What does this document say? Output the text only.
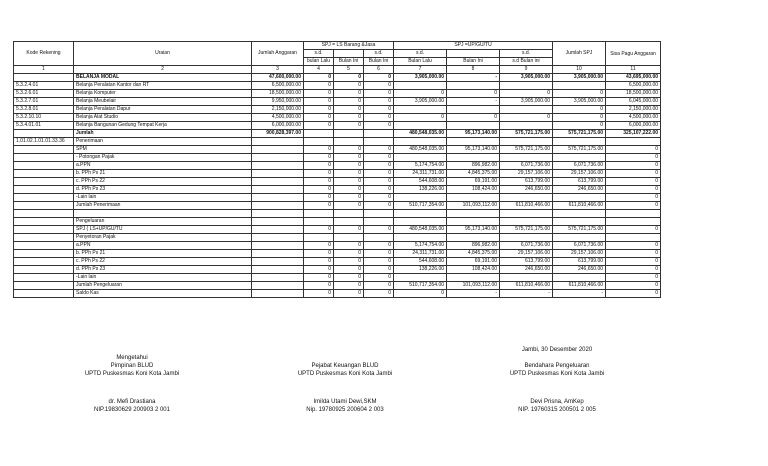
Kode Rekening	Uraian	Jumlah Anggaran	SPJ = LS Barang &Jasa			SPJ =UP/GU/TU			Jumlah SPJ	Sisa Pagu Anggaran
			s.d.		s.d.	s.d.		s.d.		
			bulan Lalu	Bulan Ini	Bulan Ini	Bulan Lalu	Bulan Ini	s.d Bulan ini		
1	2	3	4	5	6	7	8	9	10	11
	BELANJA MODAL	47,600,000.00	0	0	0	3,905,000.00	-	3,905,000.00	3,905,000.00	43,695,000.00
5.3.2.4.01	Belanja Peralatan Kantor dan RT	6,500,000.00	0	0	0					6,500,000.00
5.3.2.6.01	Belanja Komputer	18,500,000.00	0	0	0	0	0	0	0	18,500,000.00
5.3.2.7.01	Belanja Meubelair	9,950,000.00	0	0	0	3,905,000.00	-	3,905,000.00	3,905,000.00	6,045,000.00
5.3.2.8.01	Belanja Peralatan Dapur	2,150,000.00	0	0	0				0	2,150,000.00
5.3.2.10.10	Belanja Alat Studio	4,500,000.00	0	0	0	0	0	0	0	4,500,000.00
5.3.4.01.01	Belanja Bangunan Gedung Tempat Kerja	6,000,000.00	0	0	0				0	6,000,000.00
	Jumlah	900,828,397.00				480,548,035.00	95,173,140.00	575,721,175.00	575,721,175.00	325,107,222.00
1.01.02.1.01.01.33.36	Penerimaan									
	SPM		0	0	0	480,548,035.00	95,173,140.00	575,721,175.00	575,721,175.00	0
	- Potongan Pajak		0	0	0					0
	a.PPN		0	0	0	5,174,754.00	896,982.00	6,071,736.00	6,071,736.00	0
	b. PPh Ps 21		0	0	0	24,311,731.00	4,845,375.00	29,157,106.00	29,157,106.00	0
	c. PPh Ps 22		0	0	0	544,608.00	69,191.00	613,799.00	613,799.00	0
	d. PPh Ps 23		0	0	0	138,226.00	108,424.00	246,650.00	246,650.00	0
	-Lain lain		0	0	0					0
	Jumlah Penerimaan		0	0	0	510,717,354.00	101,093,112.00	611,810,466.00	611,810,466.00	0

	Pengeluaran									
	SPJ ( LS+UP/GU/TU		0	0	0	480,548,035.00	95,173,140.00	575,721,175.00	575,721,175.00	0
	Penyetoran Pajak									
	a.PPN		0	0	0	5,174,754.00	896,982.00	6,071,736.00	6,071,736.00	0
	b. PPh Ps 21		0	0	0	24,311,731.00	4,845,375.00	29,157,106.00	29,157,106.00	0
	c. PPh Ps 22		0	0	0	544,608.00	69,191.00	613,799.00	613,799.00	0
	d. PPh Ps 23		0	0	0	138,226.00	108,424.00	246,650.00	246,650.00	0
	-Lain lain		0	0	0					0
	Jumlah Pengeluaran		0	0	0	510,717,354.00	101,093,112.00	611,810,466.00	611,810,466.00	0
	Saldo Kas		0	0	0	0	-	-	-	0
Mengetahui
Pimpinan BLUD
UPTD Puskesmas Koni Kota Jambi
dr. Mefi Drastiana
NIP.19830629 200903 2 001
Pejabat Keuangan BLUD
UPTD Puskesmas Koni Kota Jambi
Imilda Utami Dewi,SKM
Nip. 19780925 200604 2 003
Jambi, 30 Desember 2020
Bendahara Pengeluaran
UPTD Puskesmas Koni Kota Jambi
Devi Prisna, AmKep
NIP. 19760315 200501 2 005
